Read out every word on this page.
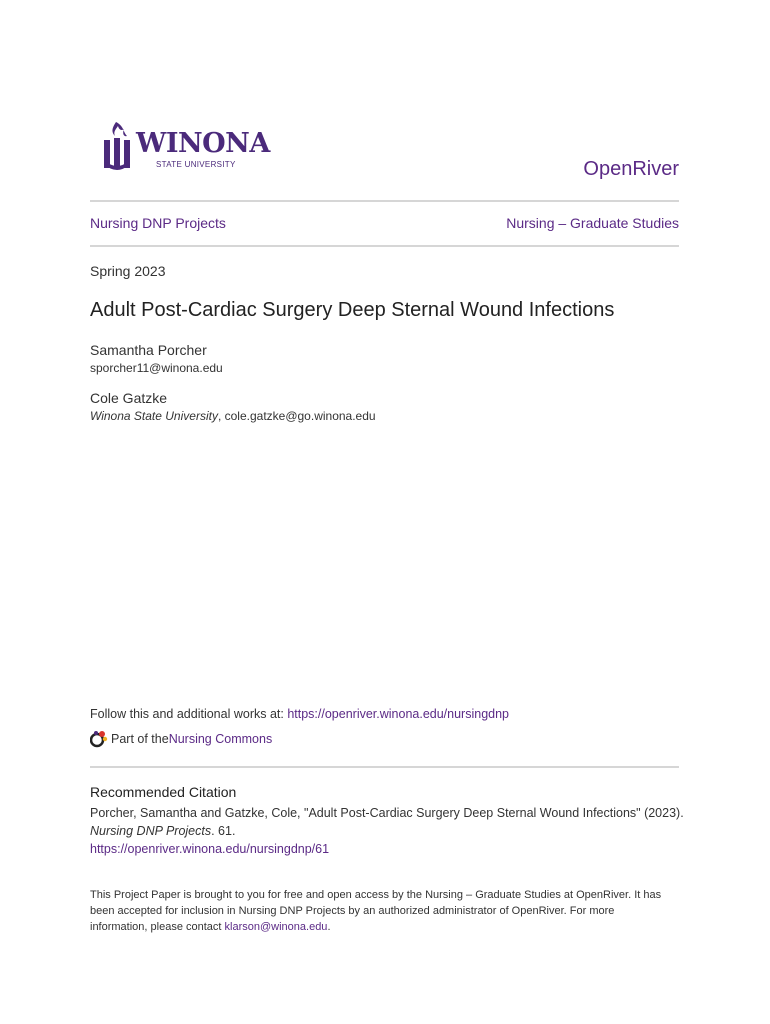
WINONA
STATE UNIVERSITY	OpenRiver
Nursing DNP Projects	Nursing – Graduate Studies
Spring 2023
Adult Post-Cardiac Surgery Deep Sternal Wound Infections
Samantha Porcher
sporcher11@winona.edu
Cole Gatzke
Winona State University, cole.gatzke@go.winona.edu
Follow this and additional works at: https://openriver.winona.edu/nursingdnp
Part of the Nursing Commons
Recommended Citation
Porcher, Samantha and Gatzke, Cole, "Adult Post-Cardiac Surgery Deep Sternal Wound Infections" (2023).
Nursing DNP Projects. 61.
https://openriver.winona.edu/nursingdnp/61
This Project Paper is brought to you for free and open access by the Nursing – Graduate Studies at OpenRiver. It has been accepted for inclusion in Nursing DNP Projects by an authorized administrator of OpenRiver. For more information, please contact klarson@winona.edu.
